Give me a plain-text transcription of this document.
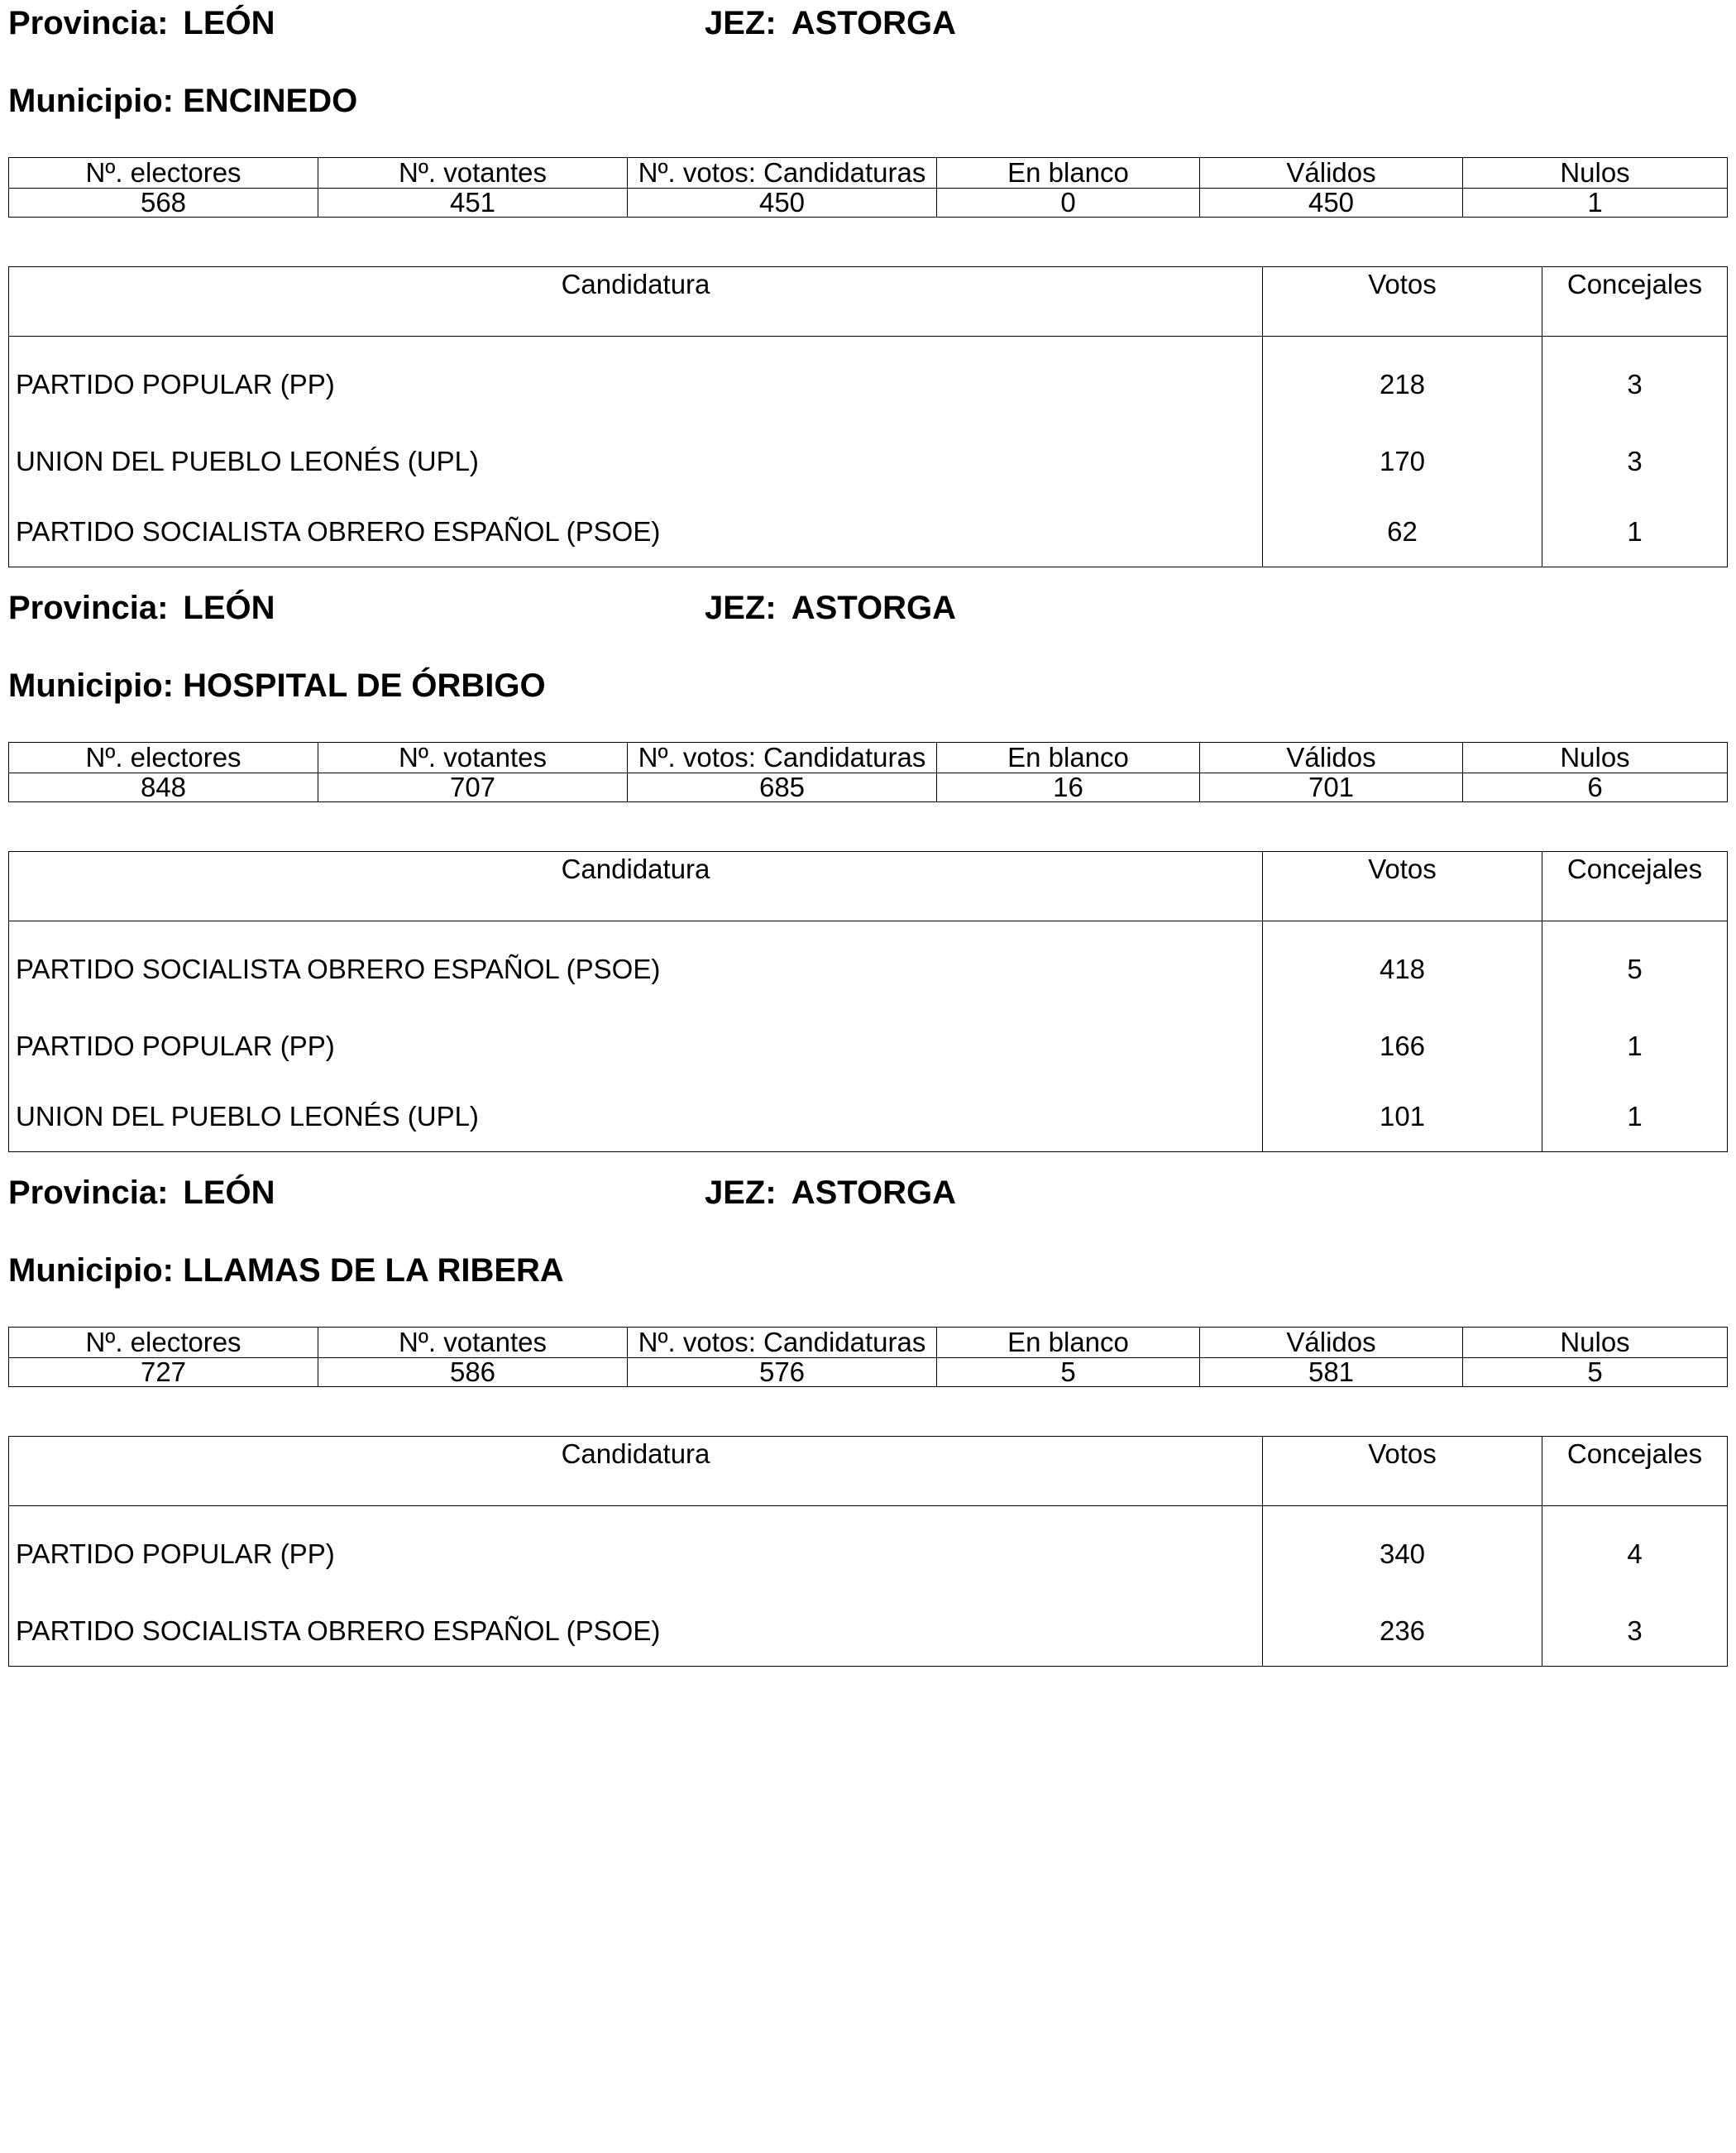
Provincia: LEÓN	JEZ: ASTORGA
Municipio: ENCINEDO
Nº. electores	Nº. votantes	Nº. votos: Candidaturas	En blanco	Válidos	Nulos
568	451	450	0	450	1
Candidatura	Votos	Concejales
PARTIDO POPULAR (PP)	218	3
UNION DEL PUEBLO LEONÉS (UPL)	170	3
PARTIDO SOCIALISTA OBRERO ESPAÑOL (PSOE)	62	1
Provincia: LEÓN	JEZ: ASTORGA
Municipio: HOSPITAL DE ÓRBIGO
Nº. electores	Nº. votantes	Nº. votos: Candidaturas	En blanco	Válidos	Nulos
848	707	685	16	701	6
Candidatura	Votos	Concejales
PARTIDO SOCIALISTA OBRERO ESPAÑOL (PSOE)	418	5
PARTIDO POPULAR (PP)	166	1
UNION DEL PUEBLO LEONÉS (UPL)	101	1
Provincia: LEÓN	JEZ: ASTORGA
Municipio: LLAMAS DE LA RIBERA
Nº. electores	Nº. votantes	Nº. votos: Candidaturas	En blanco	Válidos	Nulos
727	586	576	5	581	5
Candidatura	Votos	Concejales
PARTIDO POPULAR (PP)	340	4
PARTIDO SOCIALISTA OBRERO ESPAÑOL (PSOE)	236	3
